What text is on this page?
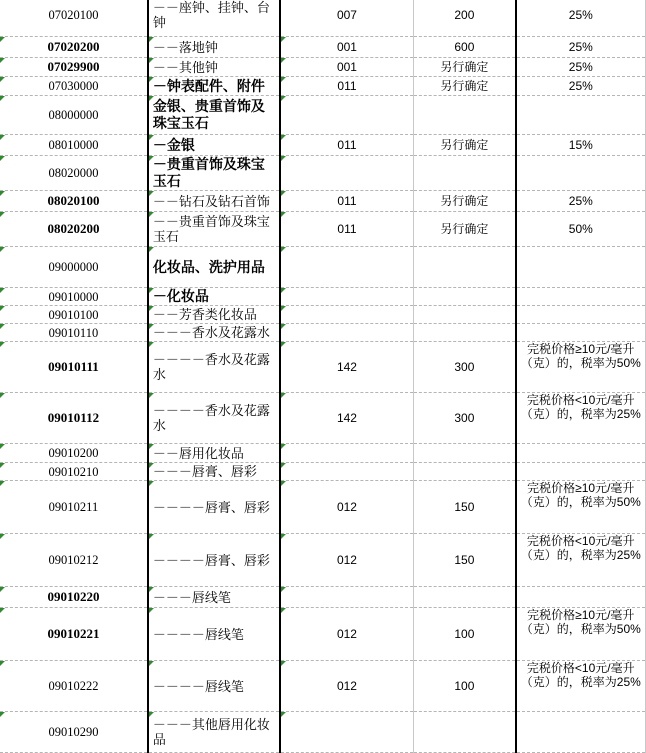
07020100	－－座钟、挂钟、台钟	007	200	25%
07020200	－－落地钟	001	600	25%
07029900	－－其他钟	001	另行确定	25%
07030000	－钟表配件、附件	011	另行确定	25%
08000000	金银、贵重首饰及珠宝玉石

08010000	－金银	011	另行确定	15%
08020000	－贵重首饰及珠宝玉石

08020100	－－钻石及钻石首饰	011	另行确定	25%
08020200	－－贵重首饰及珠宝玉石	011	另行确定	50%
09000000	化妆品、洗护用品

09010000	－化妆品

09010100	－－芳香类化妆品

09010110	－－－香水及花露水

09010111	－－－－香水及花露水	142	300	完税价格≥10元/毫升（克）的，税率为50%
09010112	－－－－香水及花露水	142	300	完税价格<10元/毫升（克）的，税率为25%
09010200	－－唇用化妆品

09010210	－－－唇膏、唇彩

09010211	－－－－唇膏、唇彩	012	150	完税价格≥10元/毫升（克）的，税率为50%
09010212	－－－－唇膏、唇彩	012	150	完税价格<10元/毫升（克）的，税率为25%
09010220	－－－唇线笔

09010221	－－－－唇线笔	012	100	完税价格≥10元/毫升（克）的，税率为50%
09010222	－－－－唇线笔	012	100	完税价格<10元/毫升（克）的，税率为25%
09010290	－－－其他唇用化妆品
